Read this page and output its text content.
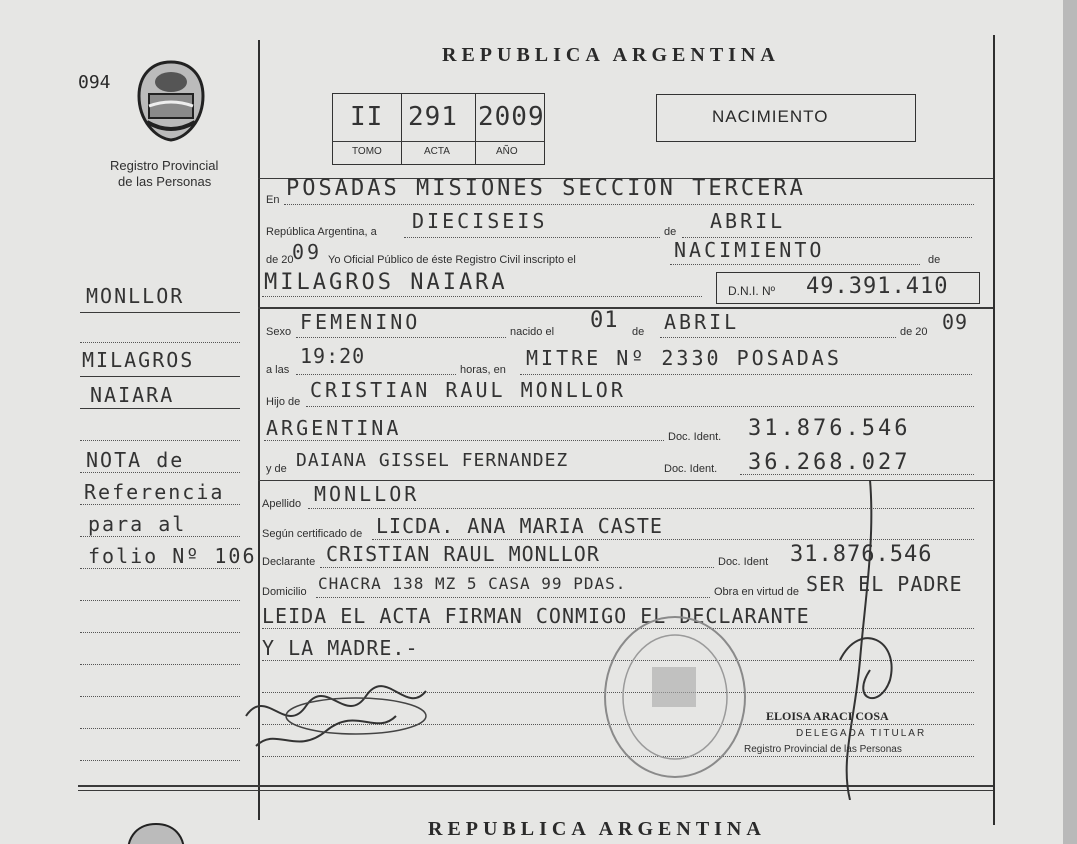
094
Registro Provincial
de las Personas
MONLLOR
MILAGROS
NAIARA
NOTA de
Referencia
para al
folio Nº 106
REPUBLICA ARGENTINA
II 291 2009
TOMO	ACTA	AÑO
NACIMIENTO
En POSADAS MISIONES SECCION TERCERA
República Argentina, a DIECISEIS	de ABRIL
de 20
09 Yo Oficial Público de éste Registro Civil inscripto el	NACIMIENTO	de
MILAGROS NAIARA	D.N.I. Nº 49.391.410
Sexo FEMENINO	nacido el 01 de ABRIL	de 20 09
a las
19:20
horas, en MITRE Nº 2330 POSADAS
Hijo de CRISTIAN RAUL MONLLOR
ARGENTINA	Doc. Ident. 31.876.546
y de DAIANA GISSEL FERNANDEZ	Doc. Ident. 36.268.027
Apellido MONLLOR
Según certificado de LICDA. ANA MARIA CASTE
Declarante CRISTIAN RAUL MONLLOR	Doc. Ident 31.876.546
Domicilio CHACRA 138 MZ 5 CASA 99 PDAS.	Obra en virtud de SER EL PADRE
LEIDA EL ACTA FIRMAN CONMIGO EL DECLARANTE
Y LA MADRE.-
ELOISA ARACI COSA
DELEGADA TITULAR
Registro Provincial de las Personas
REPUBLICA ARGENTINA
